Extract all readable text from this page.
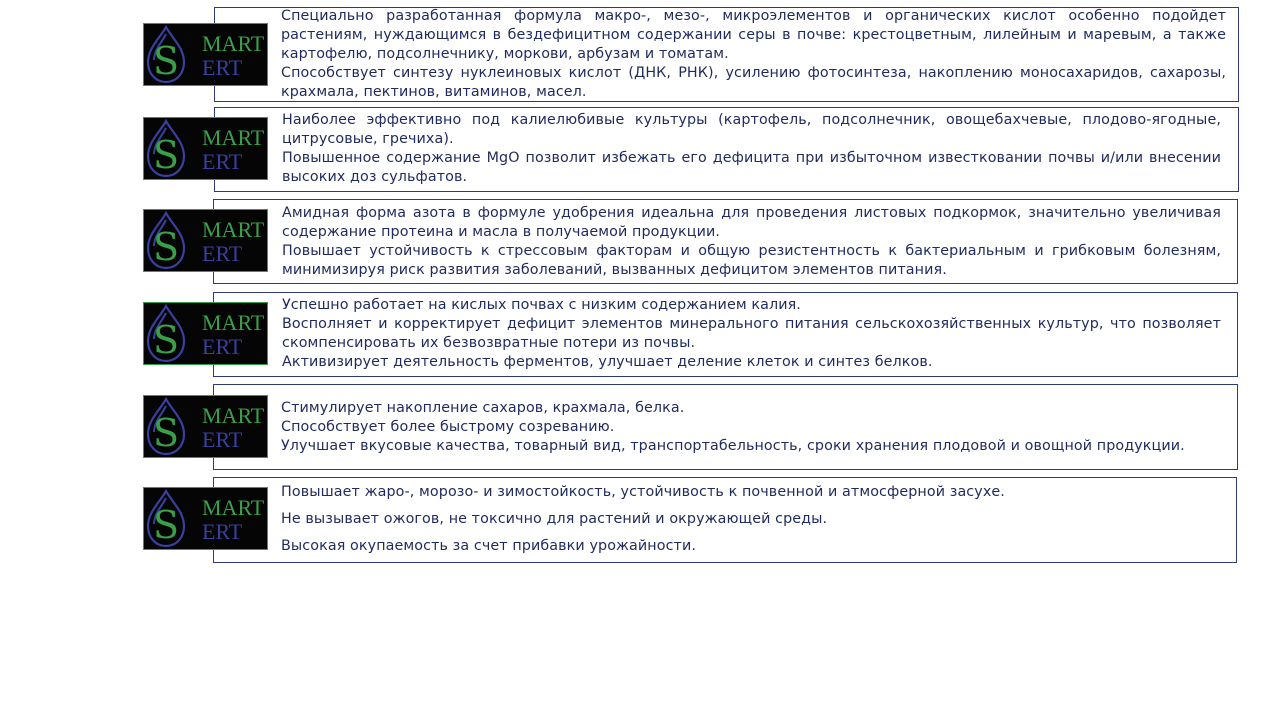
S MART
ERT

Специально разработанная формула макро-, мезо-, микроэлементов и органических кислот особенно подойдет растениям, нуждающимся в бездефицитном содержании серы в почве: крестоцветным, лилейным и маревым, а также картофелю, подсолнечнику, моркови, арбузам и томатам.

Способствует синтезу нуклеиновых кислот (ДНК, РНК), усилению фотосинтеза, накоплению моносахаридов, сахарозы, крахмала, пектинов, витаминов, масел.

S MART
ERT

Наиболее эффективно под калиелюбивые культуры (картофель, подсолнечник, овощебахчевые, плодово-ягодные, цитрусовые, гречиха).

Повышенное содержание MgO позволит избежать его дефицита при избыточном известковании почвы и/или внесении высоких доз сульфатов.

S MART
ERT

Амидная форма азота в формуле удобрения идеальна для проведения листовых подкормок, значительно увеличивая содержание протеина и масла в получаемой продукции.

Повышает устойчивость к стрессовым факторам и общую резистентность к бактериальным и грибковым болезням, минимизируя риск развития заболеваний, вызванных дефицитом элементов питания.

S MART
ERT

Успешно работает на кислых почвах с низким содержанием калия.

Восполняет и корректирует дефицит элементов минерального питания сельскохозяйственных культур, что позволяет скомпенсировать их безвозвратные потери из почвы.

Активизирует деятельность ферментов, улучшает деление клеток и синтез белков.

S MART
ERT

Стимулирует накопление сахаров, крахмала, белка.

Способствует более быстрому созреванию.

Улучшает вкусовые качества, товарный вид, транспортабельность, сроки хранения плодовой и овощной продукции.

S MART
ERT

Повышает жаро-, морозо- и зимостойкость, устойчивость к почвенной и атмосферной засухе.

Не вызывает ожогов, не токсично для растений и окружающей среды.

Высокая окупаемость за счет прибавки урожайности.
